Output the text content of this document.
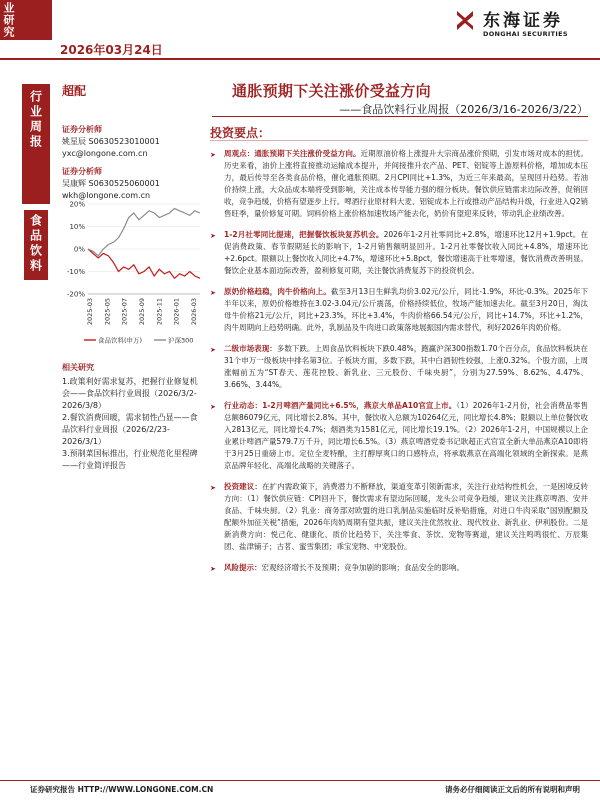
业研究
2026年03月24日
东海证券
DONGHAI SECURITIES
行业周报
食品饮料
超配
证券分析师
姚星辰 S0630523010001
yxc@longone.com.cn
证券分析师
吴康辉 S0630525060001
wkh@longone.com.cn
20%
10%
0%
-10%
-20%
2025-03 2025-05 2025-07 2025-09 2025-11 2026-01 2026-03
食品饮料(申万)	沪深300
相关研究
1.政策利好需求复苏，把握行业修复机会——食品饮料行业周报（2026/3/2-2026/3/8）
2.餐饮消费回暖，需求韧性凸显——食品饮料行业周报（2026/2/23-2026/3/1）
3.预制菜国标推出，行业规范化里程碑——行业简评报告
通胀预期下关注涨价受益方向
——食品饮料行业周报（2026/3/16-2026/3/22）
投资要点：
➤ 周观点：通胀预期下关注涨价受益方向。近期原油价格上涨提升大宗商品涨价预期，引发市场对成本的担忧。历史来看，油价上涨将直接推动运输成本提升，并间接推升农产品、PET、铝锭等上游原料价格，增加成本压力，最后传导至各类食品价格，催化通胀预期。2月CPI同比+1.3%，为近三年来最高，呈现回升趋势。若油价持续上涨，大众品成本端将受到影响，关注成本传导能力强的细分板块。餐饮供应链需求边际改善，促销回收，竞争趋缓，价格有望逐步上行。啤酒行业原材料大麦、铝锭成本上行或推动产品结构升级，行业进入Q2销售旺季，量价修复可期。饲料价格上涨价格加速牧场产能去化，奶价有望迎来反转，带动乳企业绩改善。
➤ 1-2月社零同比提速，把握餐饮板块复苏机会。2026年1-2月社零同比+2.8%，增速环比12月+1.9pct。在促消费政策、春节假期延长的影响下，1-2月销售额明显回升。1-2月社零餐饮收入同比+4.8%，增速环比+2.6pct。限额以上餐饮收入同比+4.7%，增速环比+5.8pct，餐饮增速高于社零增速，餐饮消费改善明显。餐饮企业基本面边际改善，盈利修复可期，关注餐饮消费复苏下的投资机会。
➤ 原奶价格趋稳，肉牛价格向上。截至3月13日生鲜乳均价3.02元/公斤，同比-1.9%，环比-0.3%。2025年下半年以来，原奶价格维持在3.02-3.04元/公斤震荡，价格持续低位，牧场产能加速去化。截至3月20日，淘汰母牛价格21元/公斤，同比+23.3%，环比+3.4%，牛肉价格66.54元/公斤，同比+14.7%，环比+1.2%，肉牛周期向上趋势明确。此外，乳制品及牛肉进口政策落地展振国内需求替代，利好2026年肉奶价格。
➤ 二级市场表现：多数下跌。上周食品饮料板块下跌0.48%，跑赢沪深300指数1.70个百分点，食品饮料板块在31个申万一级板块中排名第3位。子板块方面，多数下跌，其中白酒韧性较强，上涨0.32%。个股方面，上周涨幅前五为“ST春天、莲花控股、新乳业、三元股份、千味央厨”，分别为27.59%、8.62%、4.47%、3.66%、3.44%。
➤ 行业动态：1-2月啤酒产量同比+6.5%，燕京大单品A10官宣上市。（1）2026年1-2月份，社会消费品零售总额86079亿元，同比增长2.8%。其中，餐饮收入总额为10264亿元，同比增长4.8%；限额以上单位餐饮收入2813亿元，同比增长4.7%；烟酒类为1581亿元，同比增长19.1%。（2）2026年1-2月，中国规模以上企业累计啤酒产量579.7万千升，同比增长6.5%。（3）燕京啤酒党委书记耿超正式官宣全新大单品燕京A10即将于3月25日重磅上市。定位全麦特酿，主打醇厚爽口的口感特点，将承载燕京在高端化领域的全新探索。是燕京品牌年轻化、高端化战略的关键落子。
➤ 投资建议：在扩内需政策下，消费潜力不断释放，渠道变革引领新需求，关注行业结构性机会，一是困境反转方向：（1）餐饮供应链：CPI回升下，餐饮需求有望边际回暖，龙头公司竞争趋缓，建议关注燕京啤酒、安井食品、千味央厨。（2）乳业：商务部对欧盟的进口乳制品实施临时反补贴措施，对进口牛肉采取“国别配额及配额外加征关税”措施，2026年肉奶周期有望共振，建议关注优然牧业、现代牧业、新乳业、伊利股份。二是新消费方向：悦己化、健康化、质价比趋势下，关注零食、茶饮、宠物等赛道，建议关注鸣鸣很忙、万辰集团、盐津铺子；古茗、蜜雪集团；乖宝宠物、中宠股份。
➤ 风险提示：宏观经济增长不及预期；竞争加剧的影响；食品安全的影响。
证券研究报告 HTTP://WWW.LONGONE.COM.CN	请务必仔细阅读正文后的所有说明和声明
